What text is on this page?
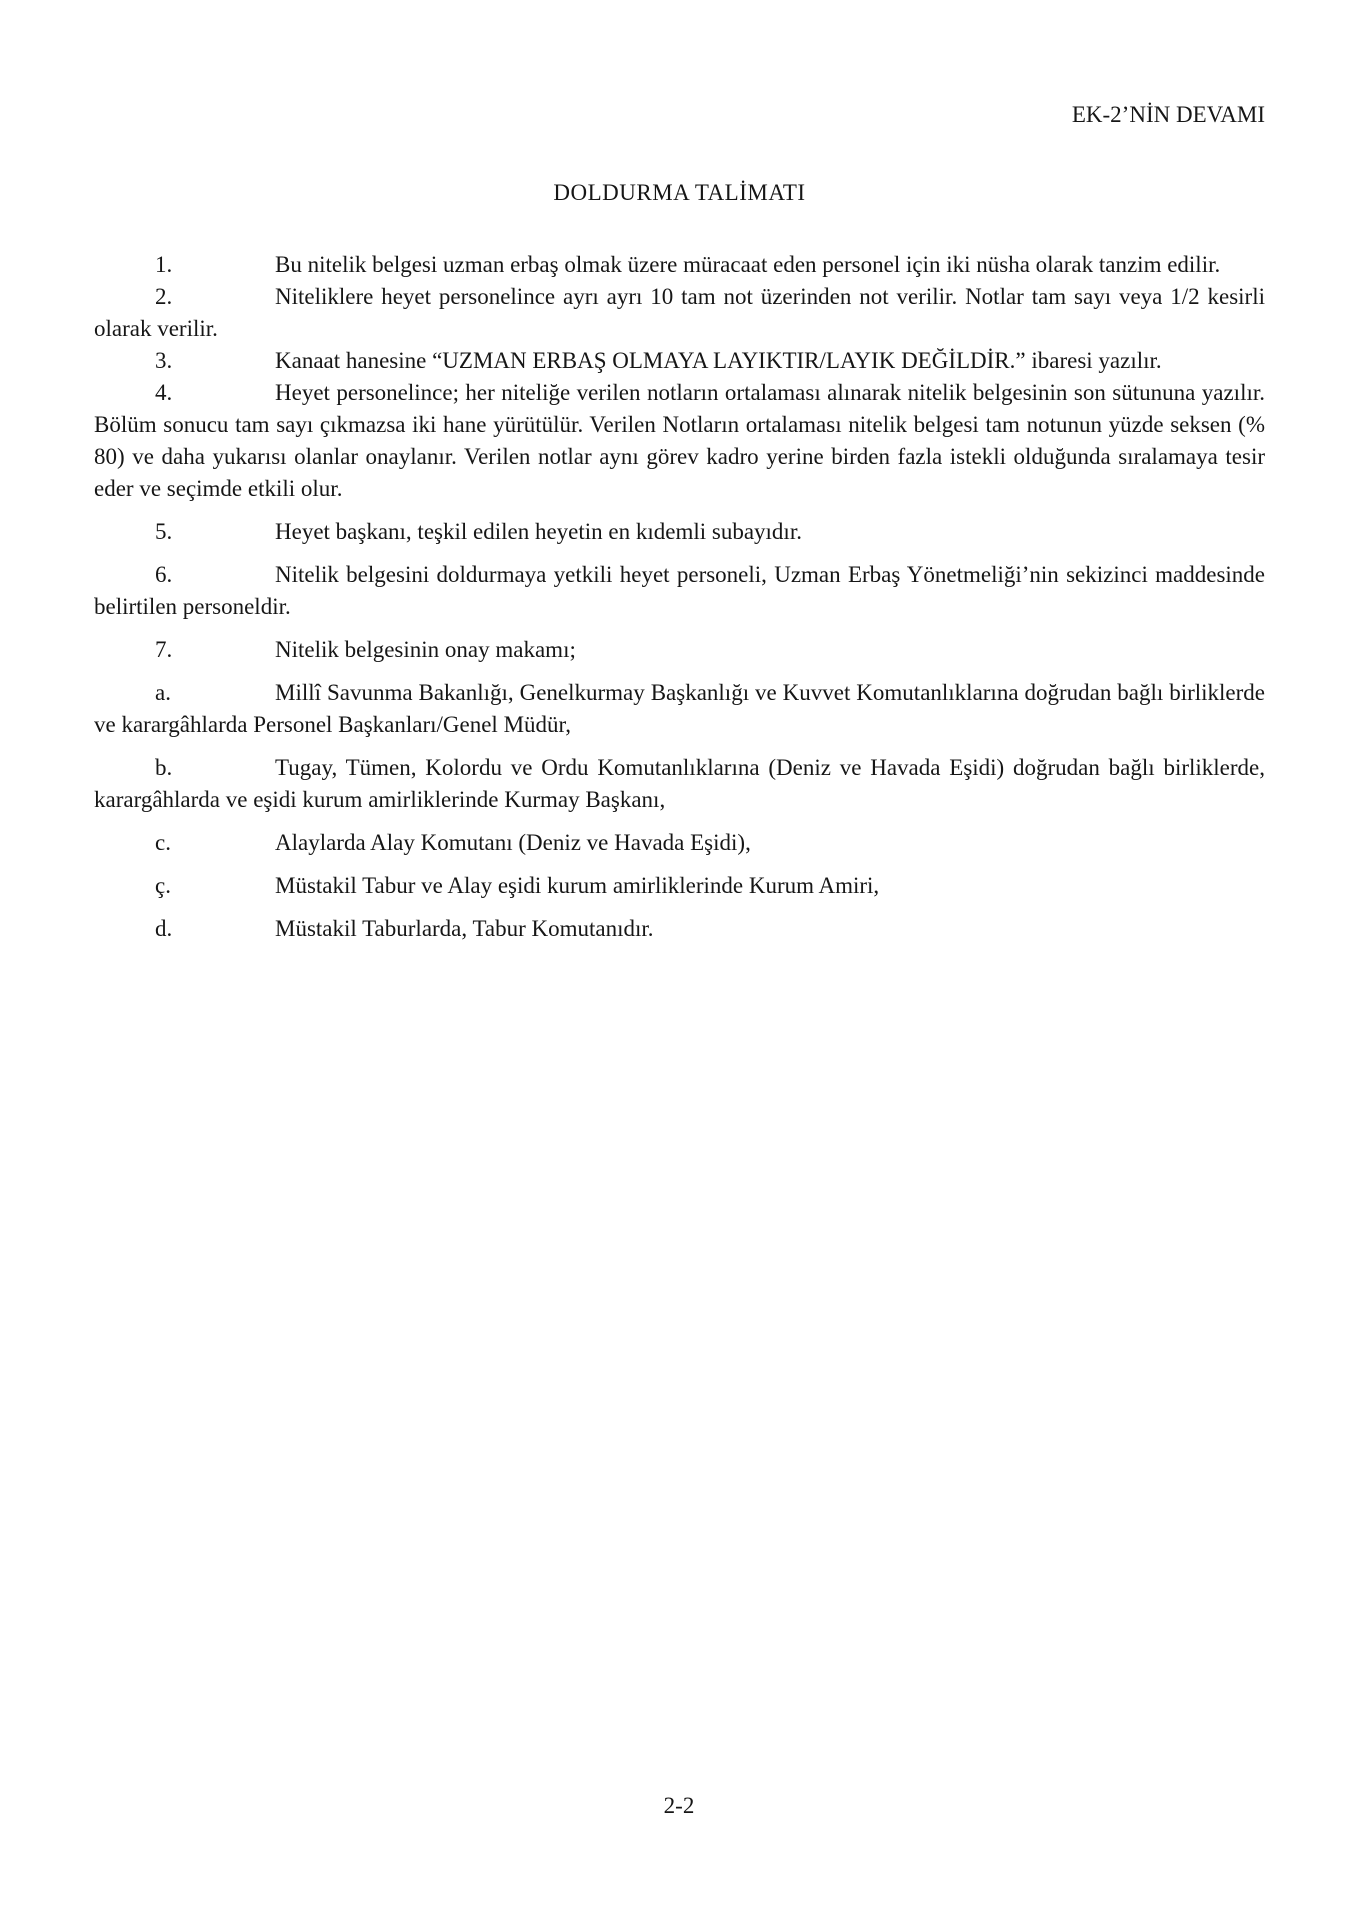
EK-2’NİN DEVAMI
DOLDURMA TALİMATI

1.	Bu nitelik belgesi uzman erbaş olmak üzere müracaat eden personel için iki nüsha olarak tanzim edilir.

2.	Niteliklere heyet personelince ayrı ayrı 10 tam not üzerinden not verilir. Notlar tam sayı veya 1/2 kesirli olarak verilir.

3.	Kanaat hanesine “UZMAN ERBAŞ OLMAYA LAYIKTIR/LAYIK DEĞİLDİR.” ibaresi yazılır.

4.	Heyet personelince; her niteliğe verilen notların ortalaması alınarak nitelik belgesinin son sütununa yazılır. Bölüm sonucu tam sayı çıkmazsa iki hane yürütülür. Verilen Notların ortalaması nitelik belgesi tam notunun yüzde seksen (% 80) ve daha yukarısı olanlar onaylanır. Verilen notlar aynı görev kadro yerine birden fazla istekli olduğunda sıralamaya tesir eder ve seçimde etkili olur.

5.	Heyet başkanı, teşkil edilen heyetin en kıdemli subayıdır.

6.	Nitelik belgesini doldurmaya yetkili heyet personeli, Uzman Erbaş Yönetmeliği’nin sekizinci maddesinde belirtilen personeldir.

7.	Nitelik belgesinin onay makamı;

a.	Millî Savunma Bakanlığı, Genelkurmay Başkanlığı ve Kuvvet Komutanlıklarına doğrudan bağlı birliklerde ve karargâhlarda Personel Başkanları/Genel Müdür,

b.	Tugay, Tümen, Kolordu ve Ordu Komutanlıklarına (Deniz ve Havada Eşidi) doğrudan bağlı birliklerde, karargâhlarda ve eşidi kurum amirliklerinde Kurmay Başkanı,

c.	Alaylarda Alay Komutanı (Deniz ve Havada Eşidi),

ç.	Müstakil Tabur ve Alay eşidi kurum amirliklerinde Kurum Amiri,

d.	Müstakil Taburlarda, Tabur Komutanıdır.

2-2
